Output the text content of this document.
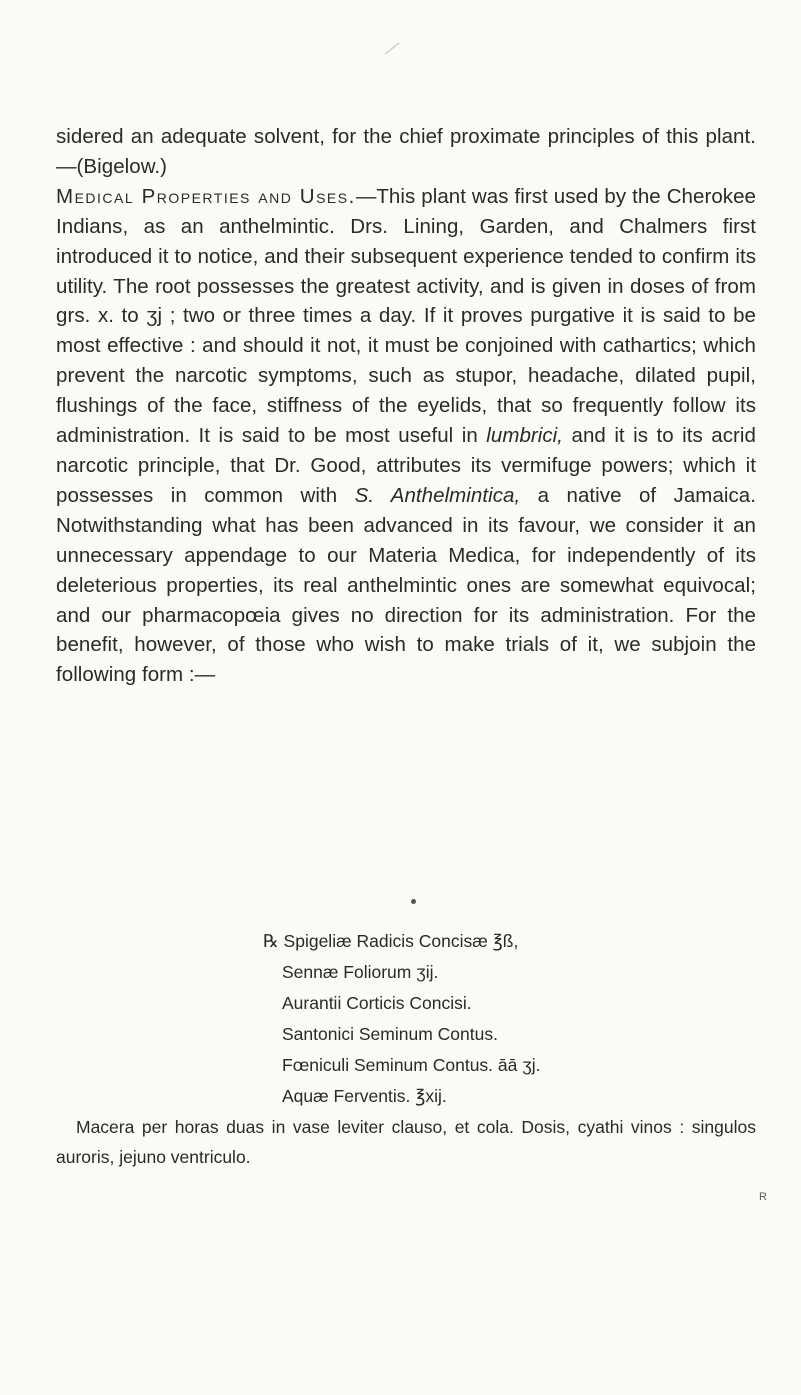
sidered an adequate solvent, for the chief proximate principles of this plant.—(Bigelow.)

Medical Properties and Uses.—This plant was first used by the Cherokee Indians, as an anthelmintic. Drs. Lining, Garden, and Chalmers first introduced it to notice, and their subsequent experience tended to confirm its utility. The root possesses the greatest activity, and is given in doses of from grs. x. to ʒj ; two or three times a day. If it proves purgative it is said to be most effective : and should it not, it must be conjoined with cathartics; which prevent the narcotic symptoms, such as stupor, headache, dilated pupil, flushings of the face, stiffness of the eyelids, that so frequently follow its administration. It is said to be most useful in lumbrici, and it is to its acrid narcotic principle, that Dr. Good, attributes its vermifuge powers; which it possesses in common with S. Anthelmintica, a native of Jamaica. Notwithstanding what has been advanced in its favour, we consider it an unnecessary appendage to our Materia Medica, for independently of its deleterious properties, its real anthelmintic ones are somewhat equivocal; and our pharmacopœia gives no direction for its administration. For the benefit, however, of those who wish to make trials of it, we subjoin the following form :—

℞ Spigeliæ Radicis Concisæ ℥ß,
Sennæ Foliorum ʒij.
Aurantii Corticis Concisi.
Santonici Seminum Contus.
Fœniculi Seminum Contus. āā ʒj.
Aquæ Ferventis. ℥xij.
Macera per horas duas in vase leviter clauso, et cola. Dosis, cyathi vinos : singulos auroris, jejuno ventriculo.
R
